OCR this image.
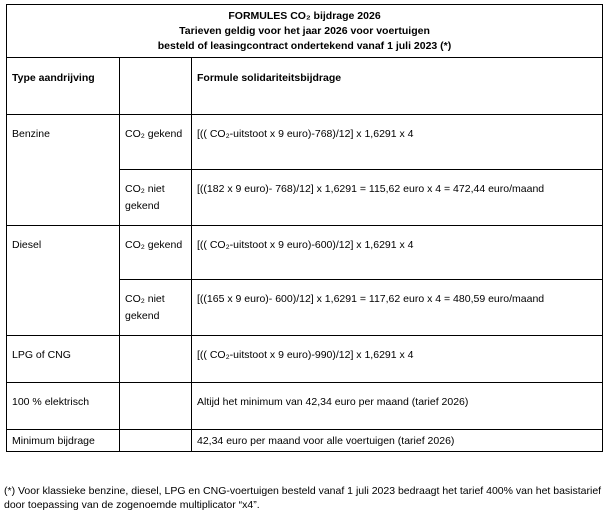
FORMULES CO₂ bijdrage 2026
Tarieven geldig voor het jaar 2026 voor voertuigen
besteld of leasingcontract ondertekend vanaf 1 juli 2023 (*)		

Type aandrijving		Formule solidariteitsbijdrage
Benzine	CO₂ gekend	[(( CO₂-uitstoot x 9 euro)-768)/12] x 1,6291 x 4
	CO₂ niet gekend	[((182 x 9 euro)- 768)/12] x 1,6291 = 115,62 euro x 4 = 472,44 euro/maand
Diesel	CO₂ gekend	[(( CO₂-uitstoot x 9 euro)-600)/12] x 1,6291 x 4
	CO₂ niet gekend	[((165 x 9 euro)- 600)/12] x 1,6291 = 117,62 euro x 4 = 480,59 euro/maand
LPG of CNG		[(( CO₂-uitstoot x 9 euro)-990)/12] x 1,6291 x 4
100 % elektrisch		Altijd het minimum van 42,34 euro per maand (tarief 2026)
Minimum bijdrage		42,34 euro per maand voor alle voertuigen (tarief 2026)
(*) Voor klassieke benzine, diesel, LPG en CNG-voertuigen besteld vanaf 1 juli 2023 bedraagt het tarief 400% van het basistarief
door toepassing van de zogenoemde multiplicator “x4”.
